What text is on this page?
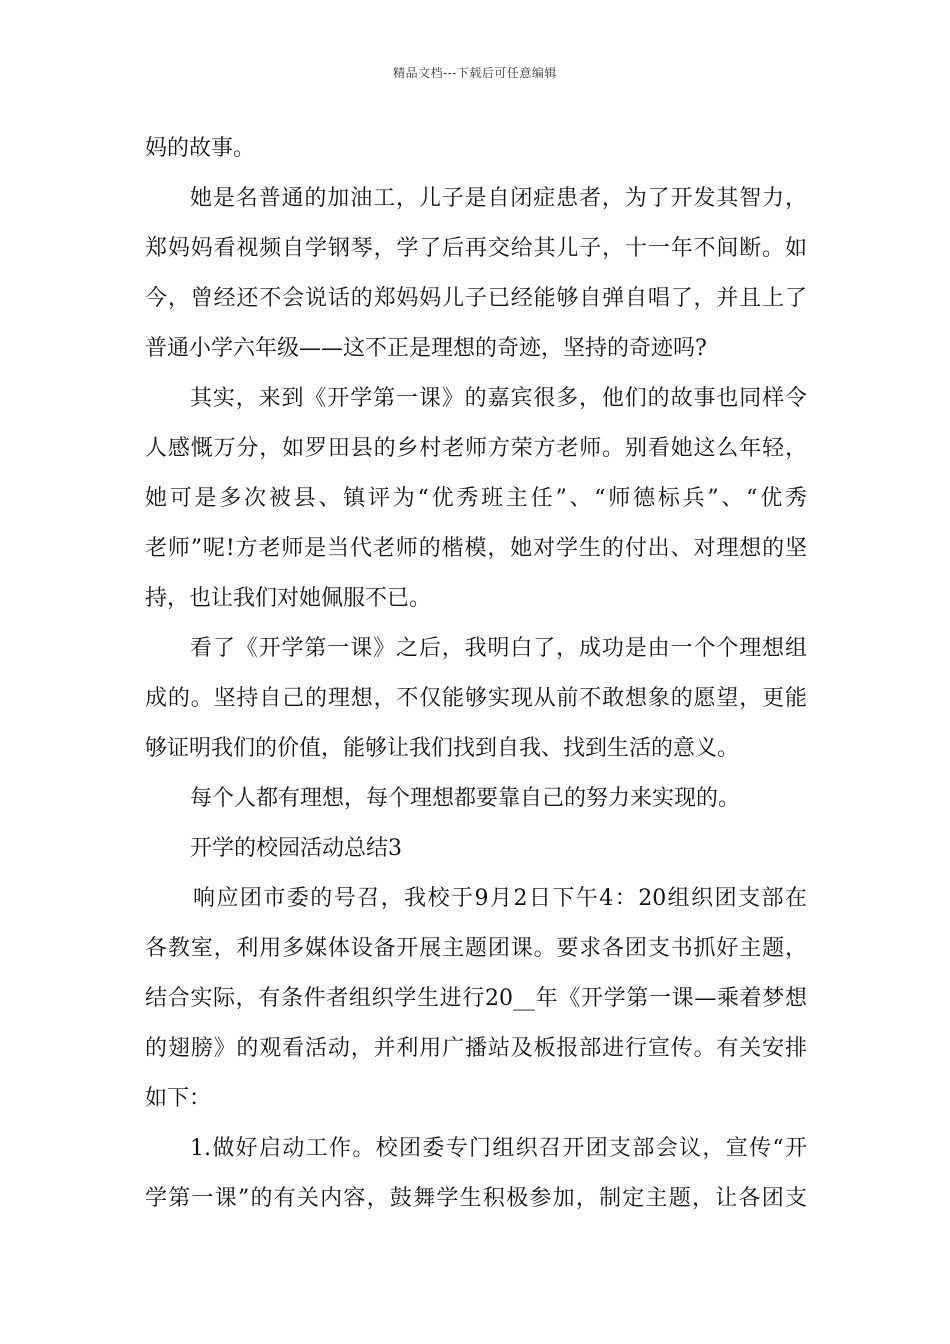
精品文档---下载后可任意编辑
妈的故事。
她是名普通的加油工，儿子是自闭症患者，为了开发其智力，
郑妈妈看视频自学钢琴，学了后再交给其儿子，十一年不间断。如
今，曾经还不会说话的郑妈妈儿子已经能够自弹自唱了，并且上了
普通小学六年级——这不正是理想的奇迹，坚持的奇迹吗?
其实，来到《开学第一课》的嘉宾很多，他们的故事也同样令
人感慨万分，如罗田县的乡村老师方荣方老师。别看她这么年轻，
她可是多次被县、镇评为“优秀班主任”、“师德标兵”、“优秀
老师”呢!方老师是当代老师的楷模，她对学生的付出、对理想的坚
持，也让我们对她佩服不已。
看了《开学第一课》之后，我明白了，成功是由一个个理想组
成的。坚持自己的理想，不仅能够实现从前不敢想象的愿望，更能
够证明我们的价值，能够让我们找到自我、找到生活的意义。
每个人都有理想，每个理想都要靠自己的努力来实现的。
开学的校园活动总结3
响应团市委的号召，我校于9月2日下午4：20组织团支部在
各教室，利用多媒体设备开展主题团课。要求各团支书抓好主题，
结合实际，有条件者组织学生进行20__年《开学第一课—乘着梦想
的翅膀》的观看活动，并利用广播站及板报部进行宣传。有关安排
如下：
1.做好启动工作。校团委专门组织召开团支部会议，宣传“开
学第一课”的有关内容，鼓舞学生积极参加，制定主题，让各团支
